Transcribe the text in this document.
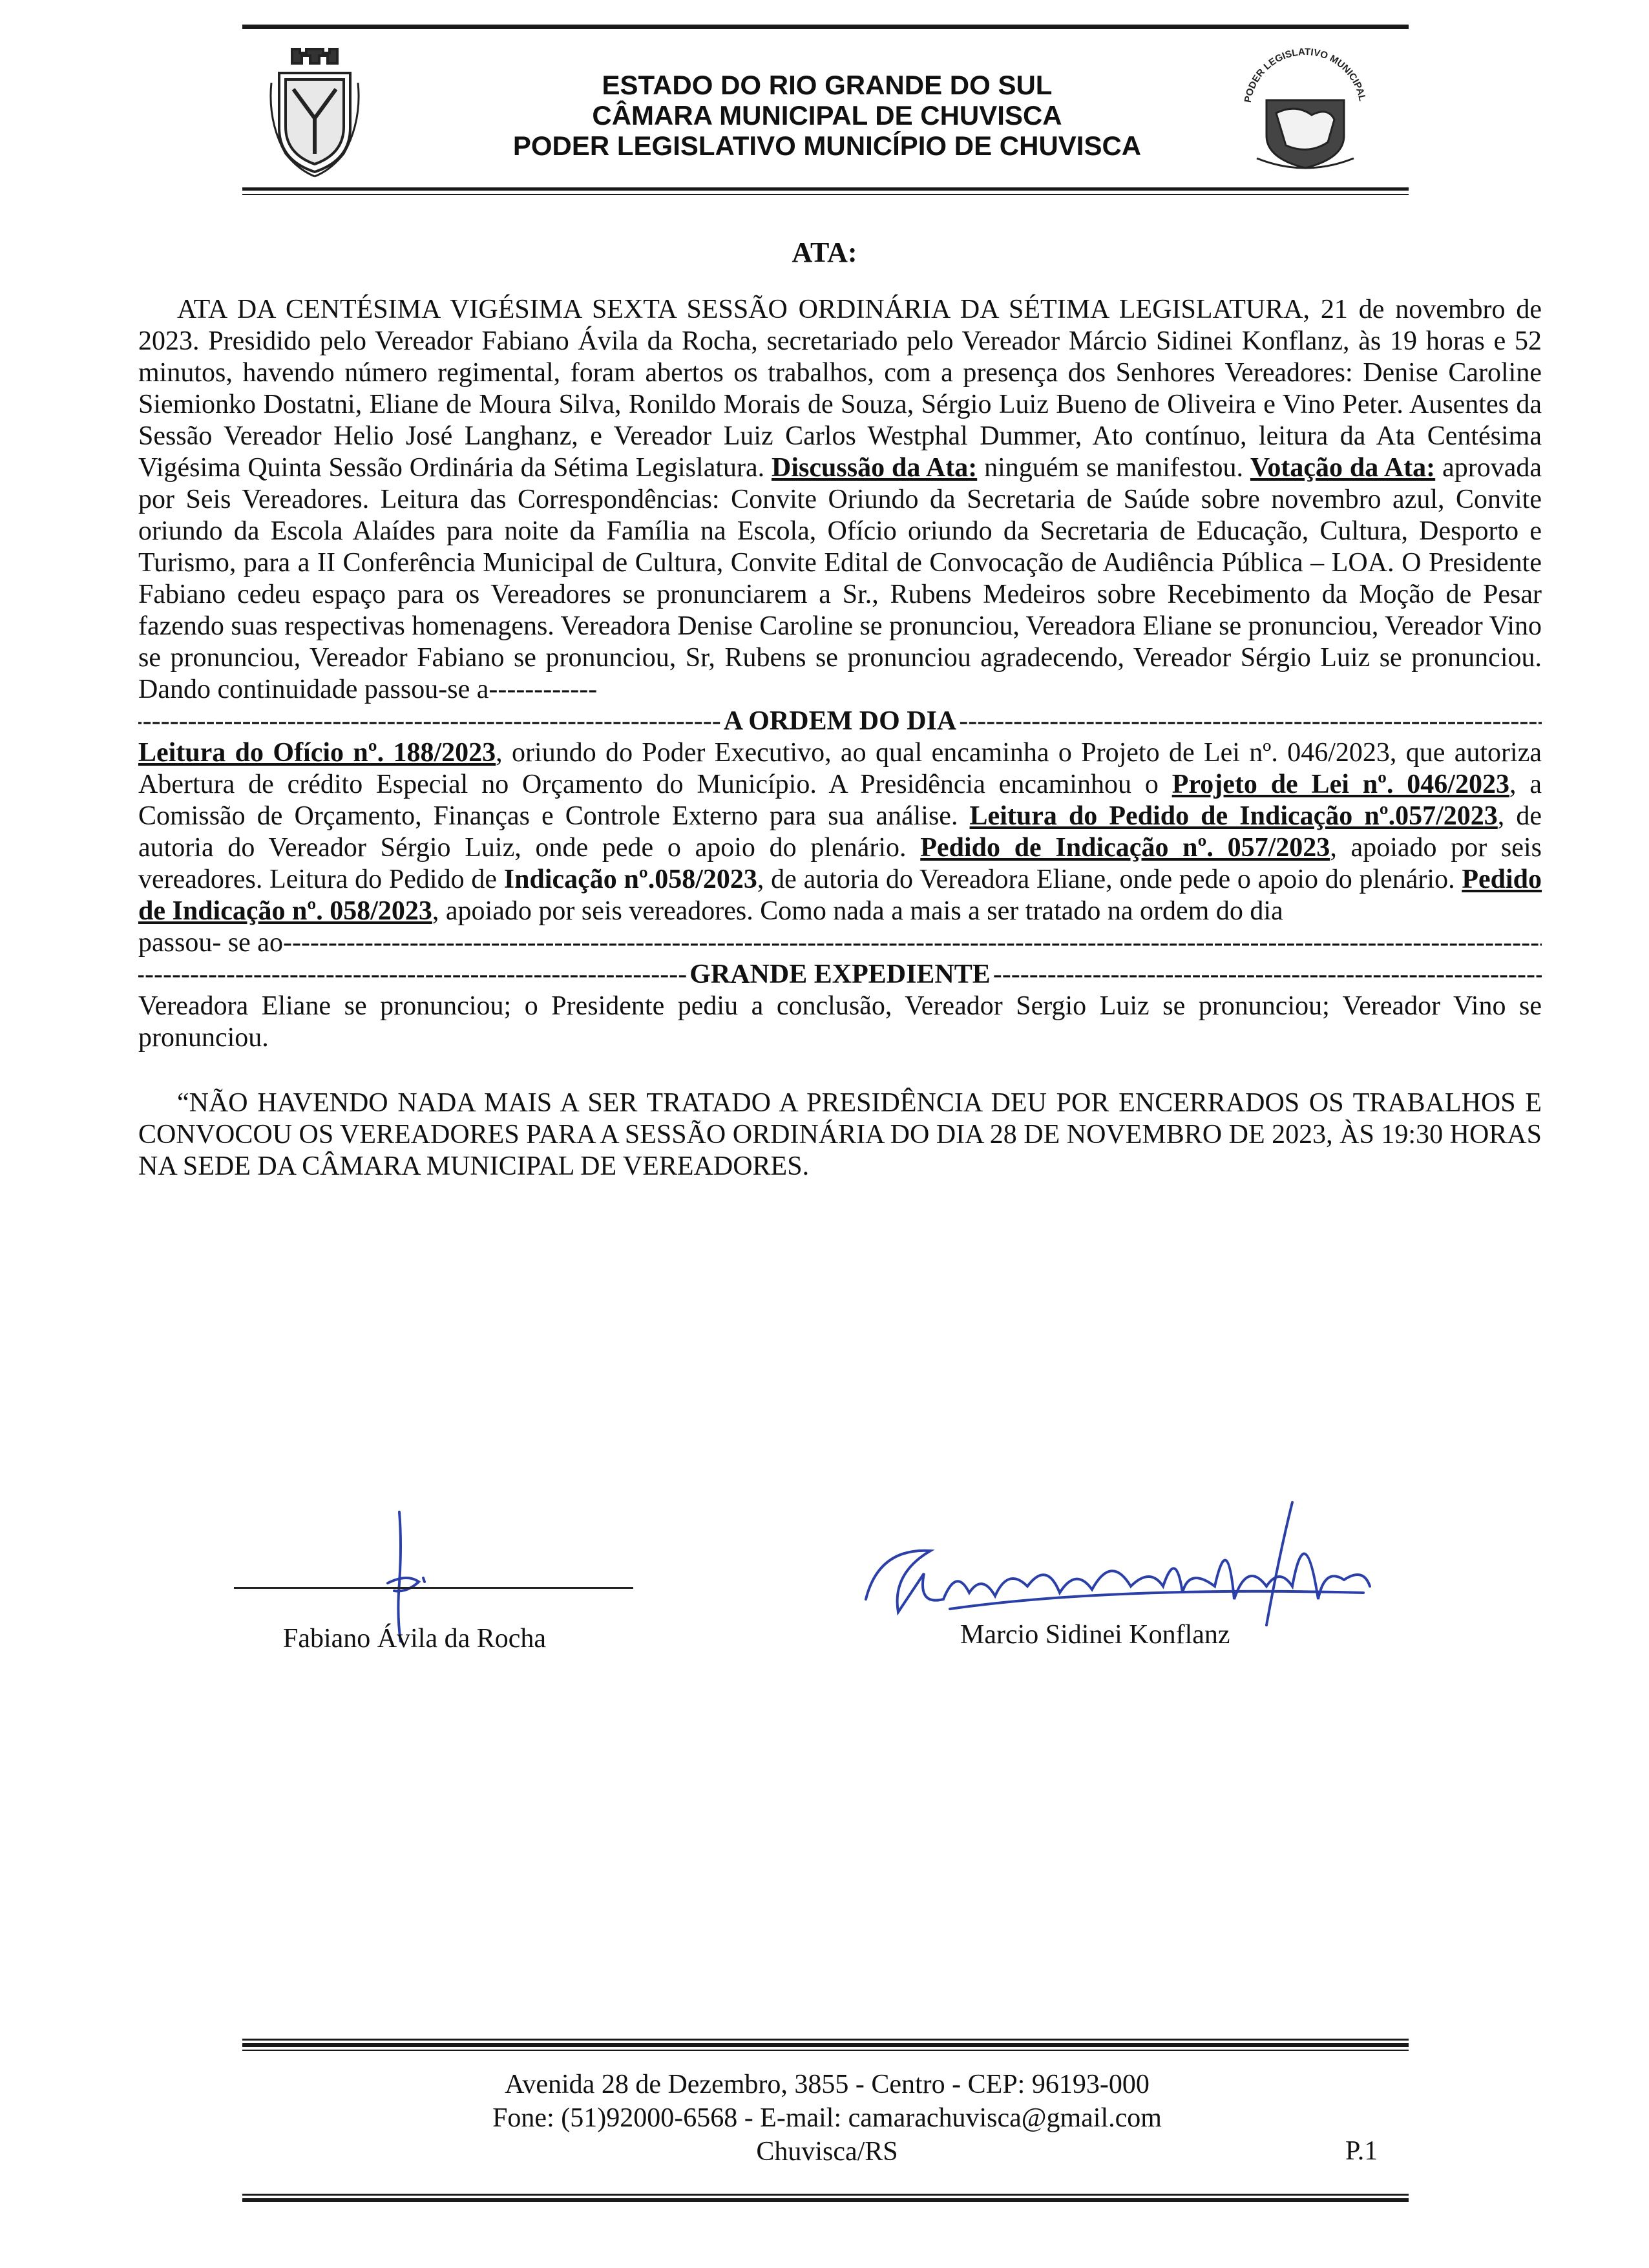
ESTADO DO RIO GRANDE DO SUL
CÂMARA MUNICIPAL DE CHUVISCA
PODER LEGISLATIVO MUNICÍPIO DE CHUVISCA
PODER LEGISLATIVO MUNICIPAL
ATA:

ATA DA CENTÉSIMA VIGÉSIMA SEXTA SESSÃO ORDINÁRIA DA SÉTIMA LEGISLATURA, 21 de novembro de 2023. Presidido pelo Vereador Fabiano Ávila da Rocha, secretariado pelo Vereador Márcio Sidinei Konflanz, às 19 horas e 52 minutos, havendo número regimental, foram abertos os trabalhos, com a presença dos Senhores Vereadores: Denise Caroline Siemionko Dostatni, Eliane de Moura Silva, Ronildo Morais de Souza, Sérgio Luiz Bueno de Oliveira e Vino Peter. Ausentes da Sessão Vereador Helio José Langhanz, e Vereador Luiz Carlos Westphal Dummer, Ato contínuo, leitura da Ata Centésima Vigésima Quinta Sessão Ordinária da Sétima Legislatura. Discussão da Ata: ninguém se manifestou. Votação da Ata: aprovada por Seis Vereadores. Leitura das Correspondências: Convite Oriundo da Secretaria de Saúde sobre novembro azul, Convite oriundo da Escola Alaídes para noite da Família na Escola, Ofício oriundo da Secretaria de Educação, Cultura, Desporto e Turismo, para a II Conferência Municipal de Cultura, Convite Edital de Convocação de Audiência Pública – LOA. O Presidente Fabiano cedeu espaço para os Vereadores se pronunciarem a Sr., Rubens Medeiros sobre Recebimento da Moção de Pesar fazendo suas respectivas homenagens. Vereadora Denise Caroline se pronunciou, Vereadora Eliane se pronunciou, Vereador Vino se pronunciou, Vereador Fabiano se pronunciou, Sr, Rubens se pronunciou agradecendo, Vereador Sérgio Luiz se pronunciou. Dando continuidade passou-se a------------

-----
A ORDEM DO DIA
-----

Leitura do Ofício nº. 188/2023, oriundo do Poder Executivo, ao qual encaminha o Projeto de Lei nº. 046/2023, que autoriza Abertura de crédito Especial no Orçamento do Município. A Presidência encaminhou o Projeto de Lei nº. 046/2023, a Comissão de Orçamento, Finanças e Controle Externo para sua análise. Leitura do Pedido de Indicação nº.057/2023, de autoria do Vereador Sérgio Luiz, onde pede o apoio do plenário. Pedido de Indicação nº. 057/2023, apoiado por seis vereadores. Leitura do Pedido de Indicação nº.058/2023, de autoria do Vereadora Eliane, onde pede o apoio do plenário. Pedido de Indicação nº. 058/2023, apoiado por seis vereadores. Como nada a mais a ser tratado na ordem do dia

passou- se ao
-----
-----
GRANDE EXPEDIENTE
-----

Vereadora Eliane se pronunciou; o Presidente pediu a conclusão, Vereador Sergio Luiz se pronunciou; Vereador Vino se pronunciou.

“NÃO HAVENDO NADA MAIS A SER TRATADO A PRESIDÊNCIA DEU POR ENCERRADOS OS TRABALHOS E CONVOCOU OS VEREADORES PARA A SESSÃO ORDINÁRIA DO DIA 28 DE NOVEMBRO DE 2023, ÀS 19:30 HORAS NA SEDE DA CÂMARA MUNICIPAL DE VEREADORES.

Fabiano Ávila da Rocha	Marcio Sidinei Konflanz
Avenida 28 de Dezembro, 3855 - Centro - CEP: 96193-000
Fone: (51)92000-6568 - E-mail: camarachuvisca@gmail.com
Chuvisca/RS	P.1
